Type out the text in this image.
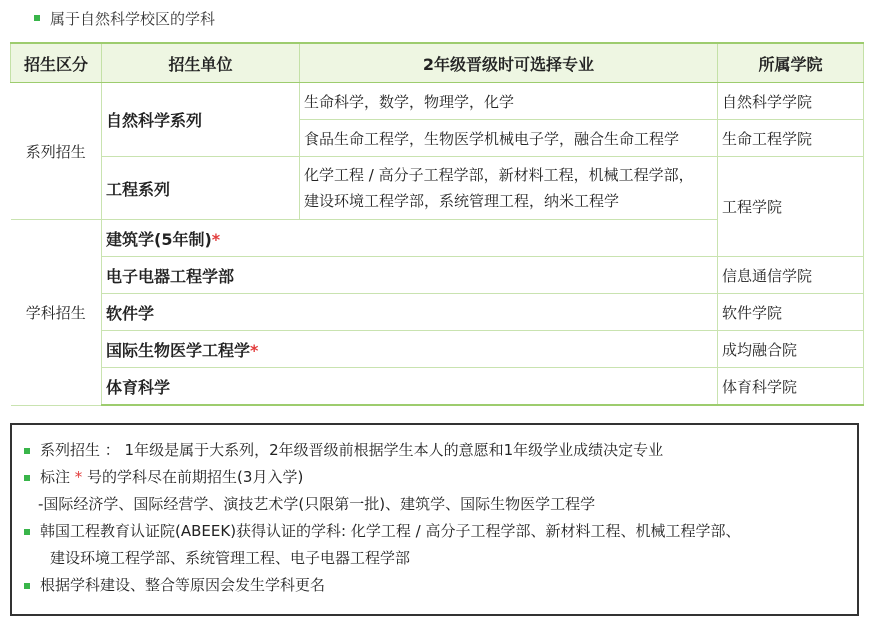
属于自然科学校区的学科
招生区分	招生单位	2年级晋级时可选择专业	所属学院
系列招生	自然科学系列	生命科学，数学，物理学，化学	自然科学学院
		食品生命工程学，生物医学机械电子学，融合生命工程学	生命工程学院
	工程系列	化学工程 / 高分子工程学部，新材料工程，机械工程学部，
建设环境工程学部，系统管理工程，纳米工程学	工程学院

学科招生	建筑学(5年制)*		
	电子电器工程学部		信息通信学院
	软件学		软件学院
	国际生物医学工程学*		成均融合院
	体育科学		体育科学院
系列招生 ： 1年级是属于大系列，2年级晋级前根据学生本人的意愿和1年级学业成绩决定专业
标注 * 号的学科尽在前期招生(3月入学)
-国际经济学、国际经营学、演技艺术学(只限第一批)、建筑学、国际生物医学工程学
韩国工程教育认证院(ABEEK)获得认证的学科: 化学工程 / 高分子工程学部、新材料工程、机械工程学部、
建设环境工程学部、系统管理工程、电子电器工程学部
根据学科建设、整合等原因会发生学科更名
